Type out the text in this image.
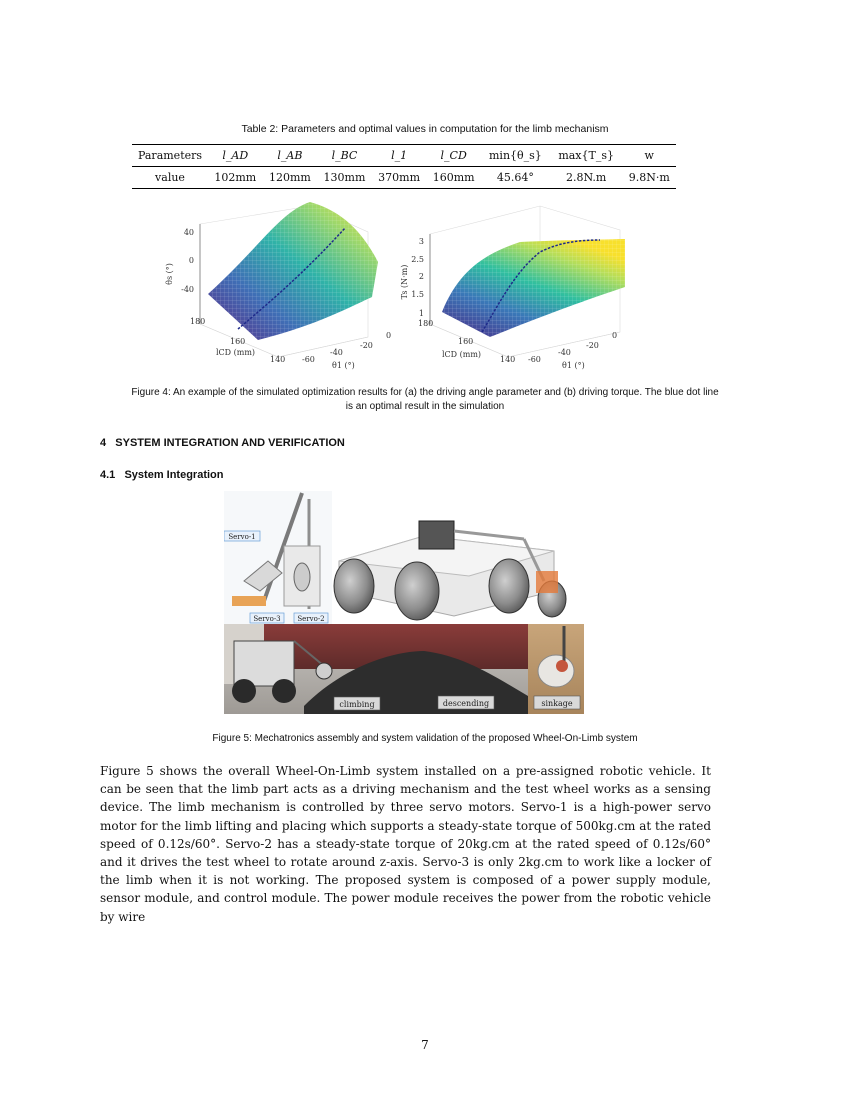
Table 2: Parameters and optimal values in computation for the limb mechanism
Parameters	l_AD	l_AB	l_BC	l_1	l_CD	min{θ_s}	max{T_s}	w
value	102mm	120mm	130mm	370mm	160mm	45.64°	2.8N.m	9.8N·m
40
0
-40
θs (°)
180
160
140
lCD (mm)
0
-20
-40
-60
θ1 (°)
3
2.5
2
1.5
1
Ts (N·m)
180
160
140
lCD (mm)
0
-20
-40
-60
θ1 (°)
Figure 4: An example of the simulated optimization results for (a) the driving angle parameter and (b) driving torque. The blue dot line
is an optimal result in the simulation
4 SYSTEM INTEGRATION AND VERIFICATION
4.1 System Integration
Servo-1
Servo-3 Servo-2
climbing	descending	sinkage
Figure 5: Mechatronics assembly and system validation of the proposed Wheel-On-Limb system
Figure 5 shows the overall Wheel-On-Limb system installed on a pre-assigned robotic vehicle. It can be seen that the limb part acts as a driving mechanism and the test wheel works as a sensing device. The limb mechanism is controlled by three servo motors. Servo-1 is a high-power servo motor for the limb lifting and placing which supports a steady-state torque of 500kg.cm at the rated speed of 0.12s/60°. Servo-2 has a steady-state torque of 20kg.cm at the rated speed of 0.12s/60° and it drives the test wheel to rotate around z-axis. Servo-3 is only 2kg.cm to work like a locker of the limb when it is not working. The proposed system is composed of a power supply module, sensor module, and control module. The power module receives the power from the robotic vehicle by wire
7
